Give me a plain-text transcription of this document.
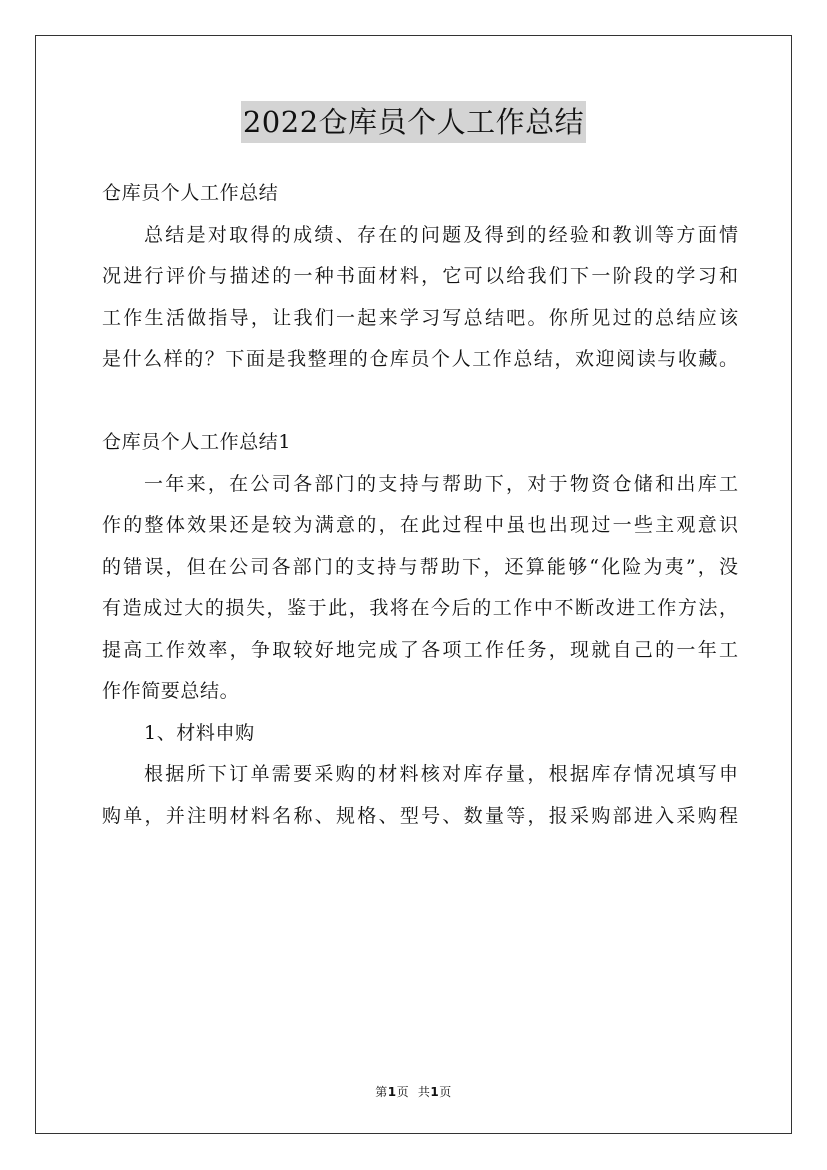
2022仓库员个人工作总结
仓库员个人工作总结
总结是对取得的成绩、存在的问题及得到的经验和教训等方面情
况进行评价与描述的一种书面材料，它可以给我们下一阶段的学习和
工作生活做指导，让我们一起来学习写总结吧。你所见过的总结应该
是什么样的？下面是我整理的仓库员个人工作总结，欢迎阅读与收藏。
仓库员个人工作总结1
一年来，在公司各部门的支持与帮助下，对于物资仓储和出库工
作的整体效果还是较为满意的，在此过程中虽也出现过一些主观意识
的错误，但在公司各部门的支持与帮助下，还算能够“化险为夷”，没
有造成过大的损失，鉴于此，我将在今后的工作中不断改进工作方法，
提高工作效率，争取较好地完成了各项工作任务，现就自己的一年工
作作简要总结。
1、材料申购
根据所下订单需要采购的材料核对库存量，根据库存情况填写申
购单，并注明材料名称、规格、型号、数量等，报采购部进入采购程
第1页 共1页
